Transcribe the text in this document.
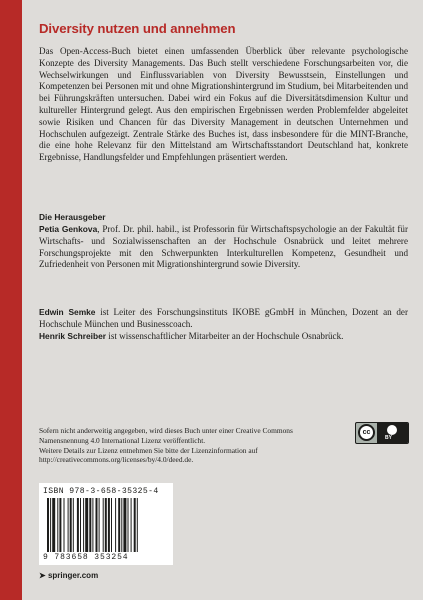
Diversity nutzen und annehmen
Das Open-Access-Buch bietet einen umfassenden Überblick über relevante psychologische Konzepte des Diversity Managements. Das Buch stellt verschiedene Forschungsarbeiten vor, die Wechselwirkungen und Einflussvariablen von Diversity Bewusstsein, Einstellungen und Kompetenzen bei Personen mit und ohne Migrationshintergrund im Studium, bei Mitarbeitenden und bei Führungskräften untersuchen. Dabei wird ein Fokus auf die Diversitätsdimension Kultur und kultureller Hintergrund gelegt. Aus den empirischen Ergebnissen werden Problemfelder abgeleitet sowie Risiken und Chancen für das Diversity Management in deutschen Unternehmen und Hochschulen aufgezeigt. Zentrale Stärke des Buches ist, dass insbesondere für die MINT-Branche, die eine hohe Relevanz für den Mittelstand am Wirtschaftsstandort Deutschland hat, konkrete Ergebnisse, Handlungsfelder und Empfehlungen präsentiert werden.
Die Herausgeber
Petia Genkova, Prof. Dr. phil. habil., ist Professorin für Wirtschaftspsychologie an der Fakultät für Wirtschafts- und Sozialwissenschaften an der Hochschule Osnabrück und leitet mehrere Forschungsprojekte mit den Schwerpunkten Interkulturellen Kompetenz, Gesundheit und Zufriedenheit von Personen mit Migrationshintergrund sowie Diversity.
Edwin Semke ist Leiter des Forschungsinstituts IKOBE gGmbH in München, Dozent an der Hochschule München und Businesscoach.
Henrik Schreiber ist wissenschaftlicher Mitarbeiter an der Hochschule Osnabrück.
Sofern nicht anderweitig angegeben, wird dieses Buch unter einer Creative Commons Namensnennung 4.0 International Lizenz veröffentlicht.
Weitere Details zur Lizenz entnehmen Sie bitte der Lizenzinformation auf http://creativecommons.org/licenses/by/4.0/deed.de.
cc
BY
ISBN 978-3-658-35325-4
9 783658 353254
➤ springer.com
